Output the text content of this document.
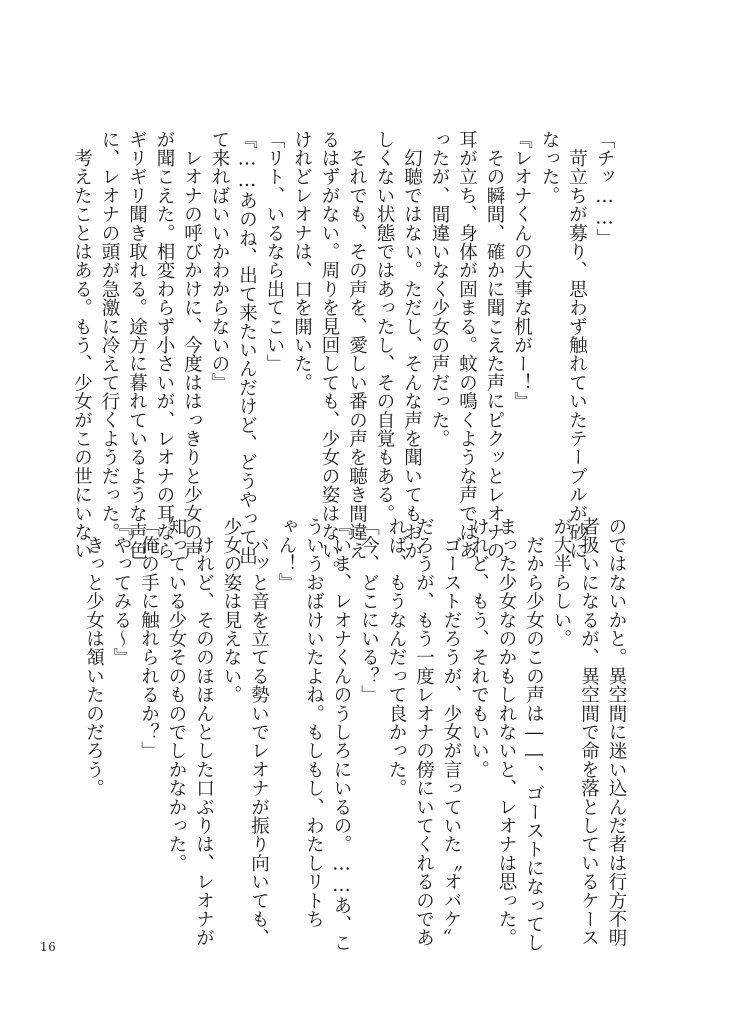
「チッ……」
　苛立ちが募り、思わず触れていたテーブルが砂に
なった。
『レオナくんの大事な机がー！』
　その瞬間、確かに聞こえた声にピクッとレオナの
耳が立ち、身体が固まる。蚊の鳴くような声ではあ
ったが、間違いなく少女の声だった。
　幻聴ではない。ただし、そんな声を聞いてもおか
しくない状態ではあったし、その自覚もある。
　それでも、その声を、愛しい番の声を聴き間違え
るはずがない。周りを見回しても、少女の姿はない。
けれどレオナは、口を開いた。
「リト、いるなら出てこい」
『……あのね、出て来たいんだけど、どうやって出
て来ればいいかわからないの』
　レオナの呼びかけに、今度ははっきりと少女の声
が聞こえた。相変わらず小さいが、レオナの耳なら
ギリギリ聞き取れる。途方に暮れているような声色
に、レオナの頭が急激に冷えて行くようだった。
　考えたことはある。もう、少女がこの世にいない
のではないかと。異空間に迷い込んだ者は行方不明
者扱いになるが、異空間で命を落としているケース
が大半らしい。
　だから少女のこの声は――、ゴーストになってし
まった少女なのかもしれないと、レオナは思った。
けれど、もう、それでもいい。
　ゴーストだろうが、少女が言っていた〝オバケ〟
だろうが、もう一度レオナの傍にいてくれるのであ
れば、もうなんだって良かった。
「今、どこにいる？」
『いま、レオナくんのうしろにいるの。……あ、こ
ういうおばけいたよね。もしもし、わたしリトち
ゃん！』
　バッと音を立てる勢いでレオナが振り向いても、
少女の姿は見えない。
　けれど、そののほほんとした口ぶりは、レオナが
知っている少女そのものでしかなかった。
「俺の手に触れられるか？」
『やってみる～』
　きっと少女は頷いたのだろう。
16
